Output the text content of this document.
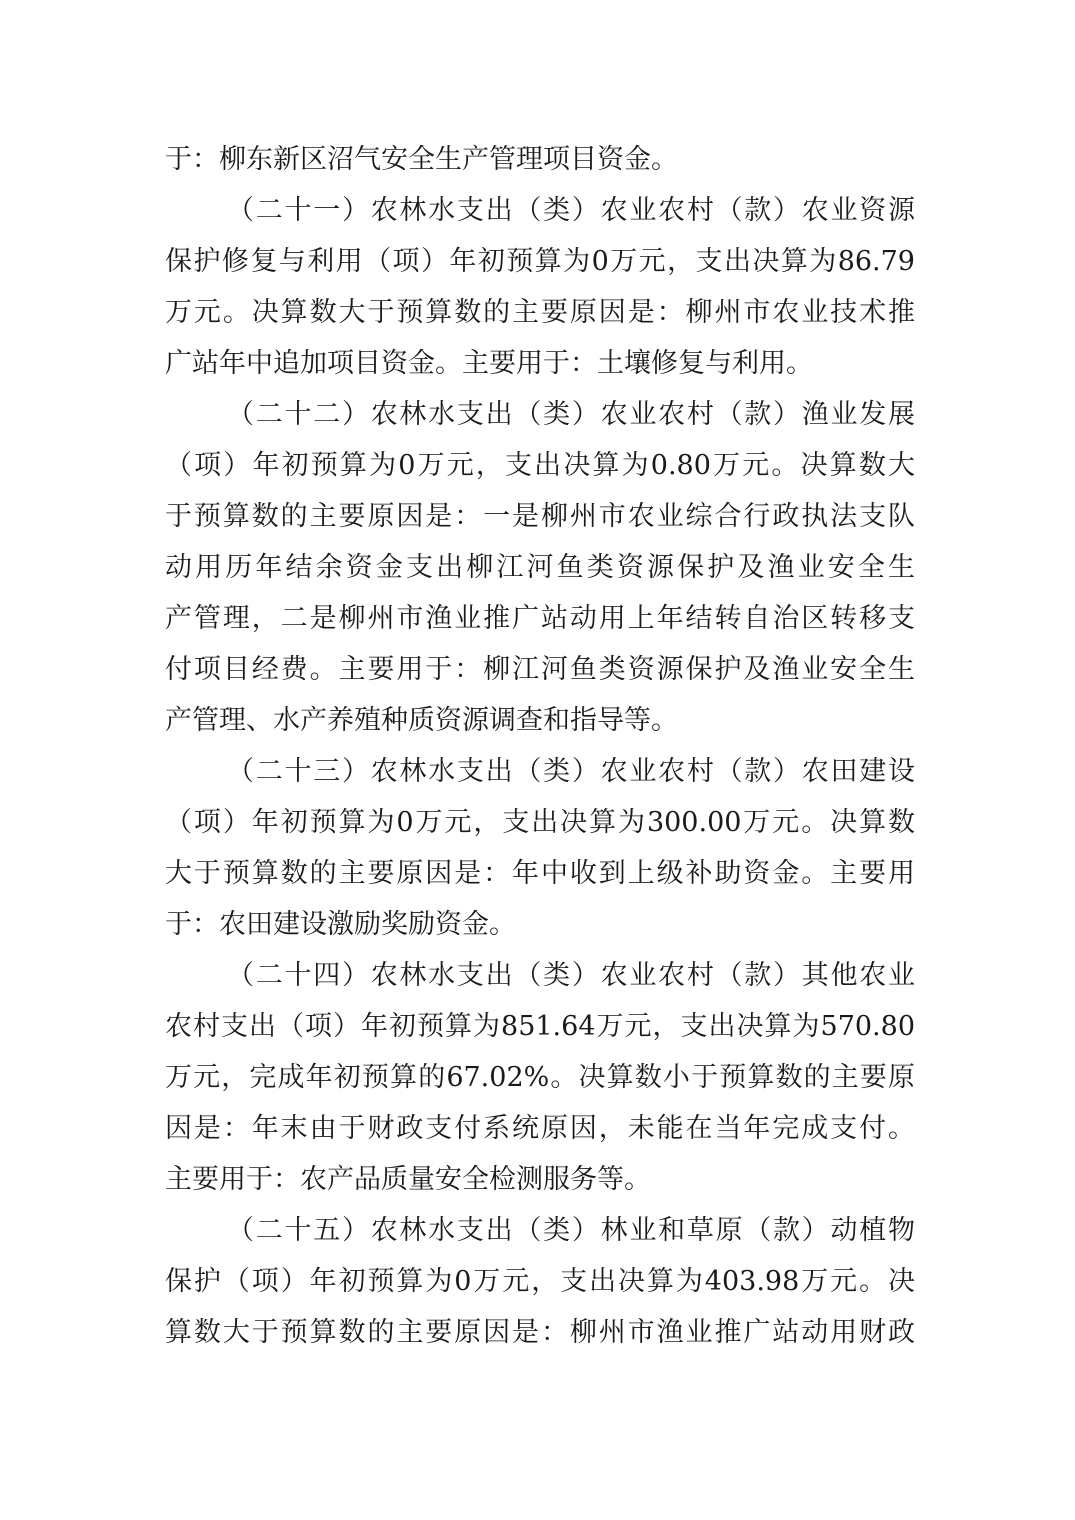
于：柳东新区沼气安全生产管理项目资金。
（二十一）农林水支出（类）农业农村（款）农业资源
保护修复与利用（项）年初预算为0万元，支出决算为86.79
万元。决算数大于预算数的主要原因是：柳州市农业技术推
广站年中追加项目资金。主要用于：土壤修复与利用。
（二十二）农林水支出（类）农业农村（款）渔业发展
（项）年初预算为0万元，支出决算为0.80万元。决算数大
于预算数的主要原因是：一是柳州市农业综合行政执法支队
动用历年结余资金支出柳江河鱼类资源保护及渔业安全生
产管理，二是柳州市渔业推广站动用上年结转自治区转移支
付项目经费。主要用于：柳江河鱼类资源保护及渔业安全生
产管理、水产养殖种质资源调查和指导等。
（二十三）农林水支出（类）农业农村（款）农田建设
（项）年初预算为0万元，支出决算为300.00万元。决算数
大于预算数的主要原因是：年中收到上级补助资金。主要用
于：农田建设激励奖励资金。
（二十四）农林水支出（类）农业农村（款）其他农业
农村支出（项）年初预算为851.64万元，支出决算为570.80
万元，完成年初预算的67.02%。决算数小于预算数的主要原
因是：年末由于财政支付系统原因，未能在当年完成支付。
主要用于：农产品质量安全检测服务等。
（二十五）农林水支出（类）林业和草原（款）动植物
保护（项）年初预算为0万元，支出决算为403.98万元。决
算数大于预算数的主要原因是：柳州市渔业推广站动用财政
